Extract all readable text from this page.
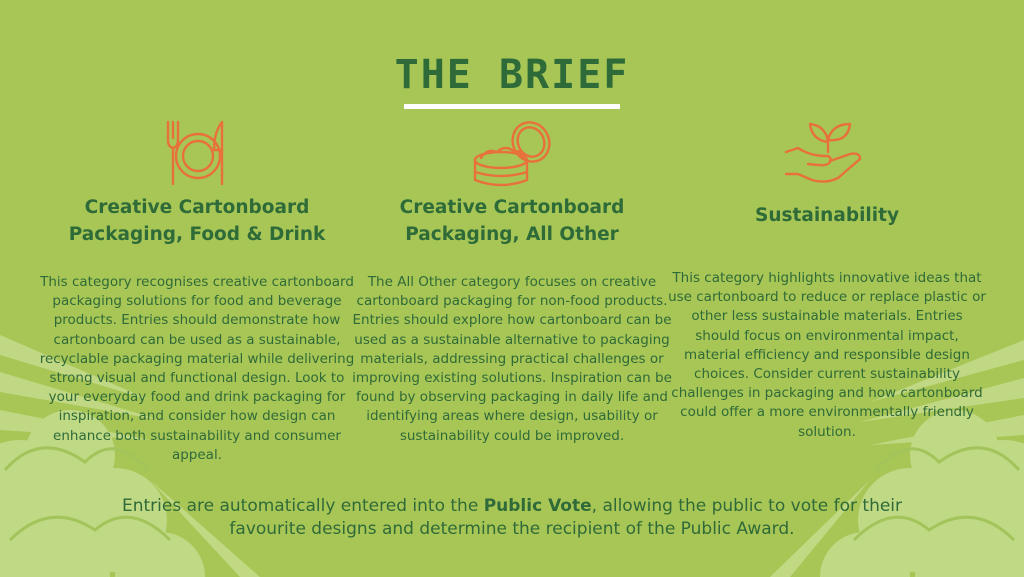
THE BRIEF
Creative Cartonboard
Packaging, Food & Drink

This category recognises creative cartonboard packaging solutions for food and beverage products. Entries should demonstrate how cartonboard can be used as a sustainable, recyclable packaging material while delivering strong visual and functional design. Look to your everyday food and drink packaging for inspiration, and consider how design can enhance both sustainability and consumer appeal.

Creative Cartonboard
Packaging, All Other

The All Other category focuses on creative cartonboard packaging for non-food products. Entries should explore how cartonboard can be used as a sustainable alternative to packaging materials, addressing practical challenges or improving existing solutions. Inspiration can be found by observing packaging in daily life and identifying areas where design, usability or sustainability could be improved.

Sustainability

This category highlights innovative ideas that use cartonboard to reduce or replace plastic or other less sustainable materials. Entries should focus on environmental impact, material efficiency and responsible design choices. Consider current sustainability challenges in packaging and how cartonboard could offer a more environmentally friendly solution.

Entries are automatically entered into the Public Vote, allowing the public to vote for their favourite designs and determine the recipient of the Public Award.
